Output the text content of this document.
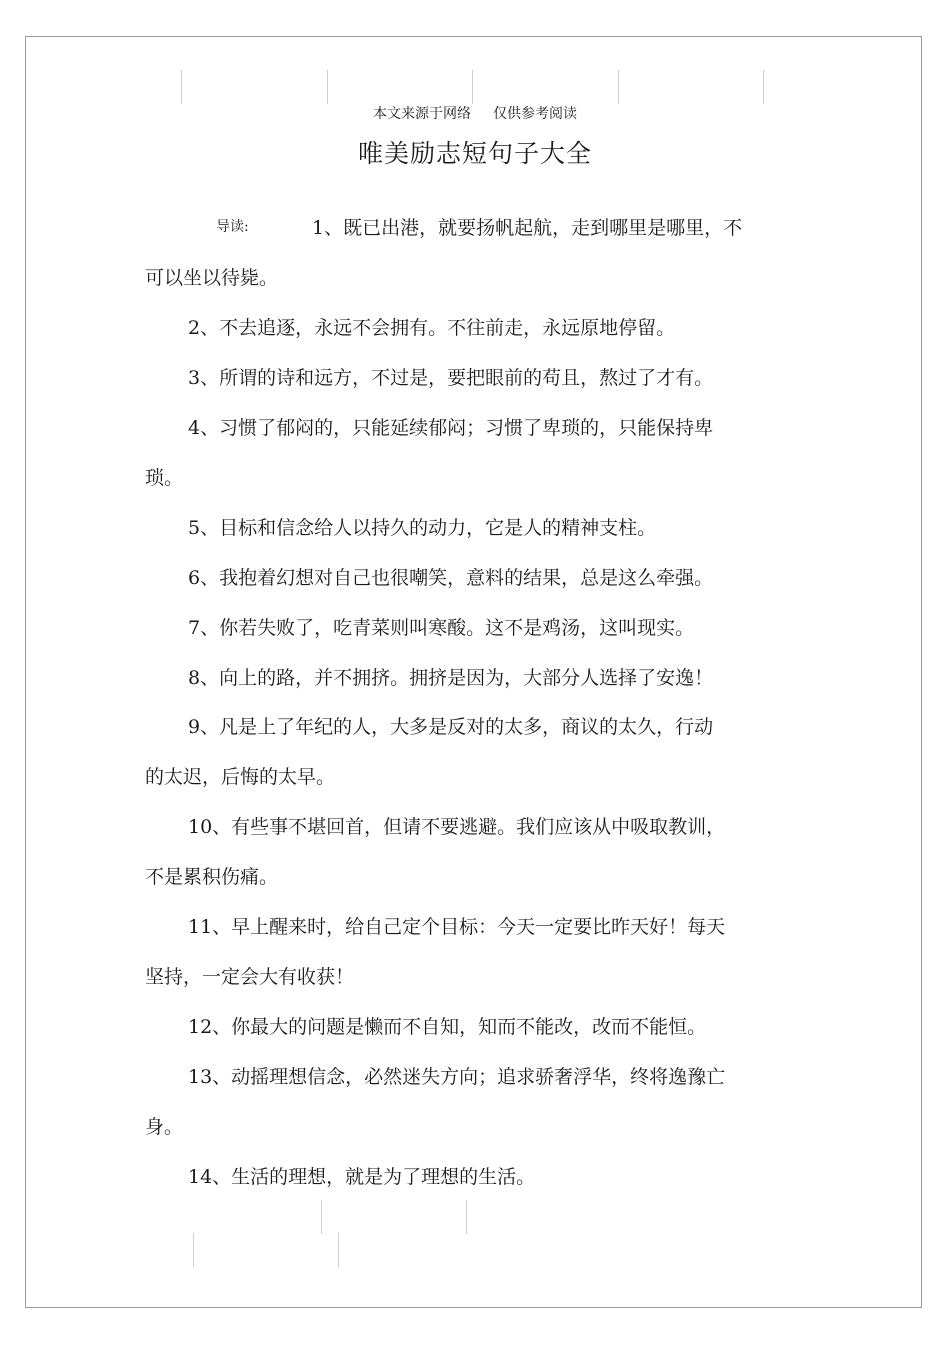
本文来源于网络 仅供参考阅读
唯美励志短句子大全
导读:	1、既已出港，就要扬帆起航，走到哪里是哪里，不
可以坐以待毙。
2、不去追逐，永远不会拥有。不往前走，永远原地停留。
3、所谓的诗和远方，不过是，要把眼前的苟且，熬过了才有。
4、习惯了郁闷的，只能延续郁闷；习惯了卑琐的，只能保持卑
琐。
5、目标和信念给人以持久的动力，它是人的精神支柱。
6、我抱着幻想对自己也很嘲笑，意料的结果，总是这么牵强。
7、你若失败了，吃青菜则叫寒酸。这不是鸡汤，这叫现实。
8、向上的路，并不拥挤。拥挤是因为，大部分人选择了安逸！
9、凡是上了年纪的人，大多是反对的太多，商议的太久，行动
的太迟，后悔的太早。
10、有些事不堪回首，但请不要逃避。我们应该从中吸取教训，
不是累积伤痛。
11、早上醒来时，给自己定个目标：今天一定要比昨天好！每天
坚持，一定会大有收获！
12、你最大的问题是懒而不自知，知而不能改，改而不能恒。
13、动摇理想信念，必然迷失方向；追求骄奢浮华，终将逸豫亡
身。
14、生活的理想，就是为了理想的生活。
